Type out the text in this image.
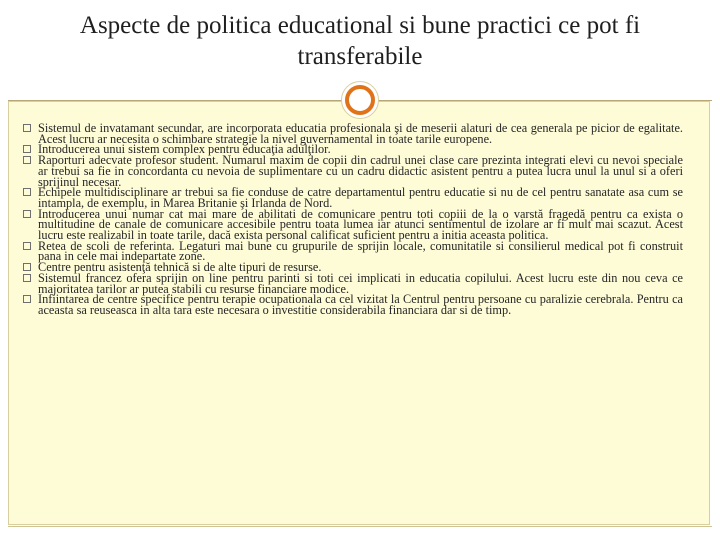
Aspecte de politica educational si bune practici ce pot fi transferabile
Sistemul de invatamant secundar, are incorporata educatia profesionala şi de meserii alaturi de cea generala pe picior de egalitate. Acest lucru ar necesita o schimbare strategie la nivel guvernamental in toate tarile europene.
Introducerea unui sistem complex pentru educaţia adulţilor.
Raporturi adecvate profesor student. Numarul maxim de copii din cadrul unei clase care prezinta integrati elevi cu nevoi speciale ar trebui sa fie in concordanta cu nevoia de suplimentare cu un cadru didactic asistent pentru a putea lucra unul la unul si a oferi sprijinul necesar.
Echipele multidisciplinare ar trebui sa fie conduse de catre departamentul pentru educatie si nu de cel pentru sanatate asa cum se intampla, de exemplu, in Marea Britanie şi Irlanda de Nord.
Introducerea unui numar cat mai mare de abilitati de comunicare pentru toti copiii de la o varstă fragedă pentru ca exista o multitudine de canale de comunicare accesibile pentru toata lumea iar atunci sentimentul de izolare ar fi mult mai scazut. Acest lucru este realizabil in toate tarile, dacă exista personal calificat suficient pentru a initia aceasta politica.
Retea de scoli de referinta. Legaturi mai bune cu grupurile de sprijin locale, comunitatile si consilierul medical pot fi construit pana in cele mai indepartate zone.
Centre pentru asistenţă tehnică si de alte tipuri de resurse.
Sistemul francez ofera sprijin on line pentru parinti si toti cei implicati in educatia copilului. Acest lucru este din nou ceva ce majoritatea tarilor ar putea stabili cu resurse financiare modice.
Infiintarea de centre specifice pentru terapie ocupationala ca cel vizitat la Centrul pentru persoane cu paralizie cerebrala. Pentru ca aceasta sa reuseasca in alta tara este necesara o investitie considerabila financiara dar si de timp.
